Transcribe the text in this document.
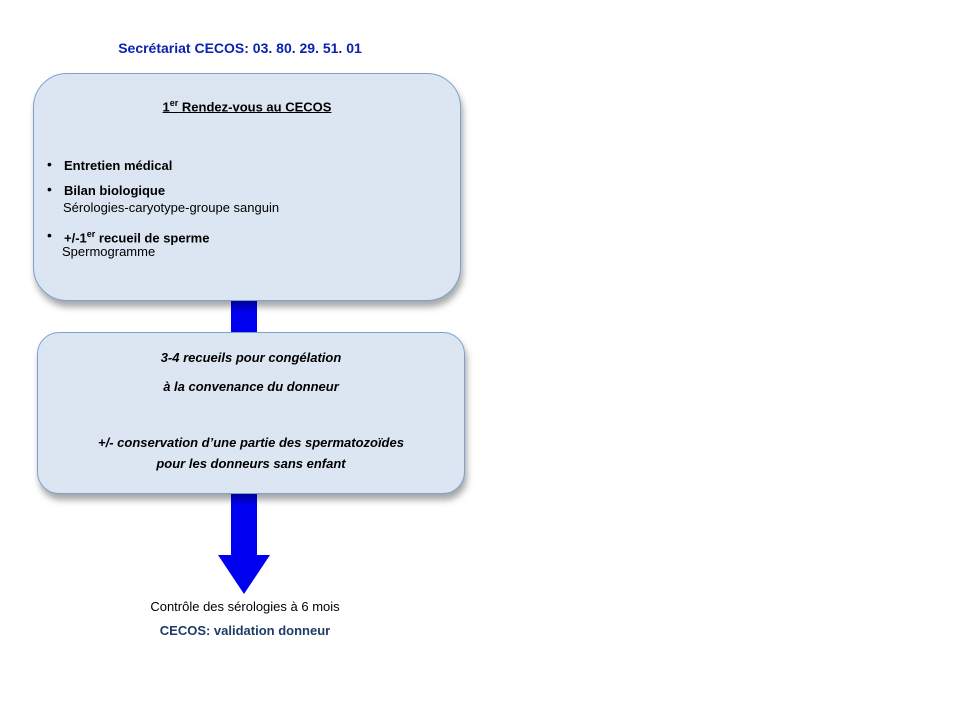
Secrétariat CECOS: 03. 80. 29. 51. 01
1er Rendez-vous au CECOS
• Entretien médical
• Bilan biologique
Sérologies-caryotype-groupe sanguin
• +/-1er recueil de sperme
Spermogramme
3-4 recueils pour congélation
à la convenance du donneur
+/- conservation d’une partie des spermatozoïdes
pour les donneurs sans enfant
Contrôle des sérologies à 6 mois
CECOS: validation donneur
